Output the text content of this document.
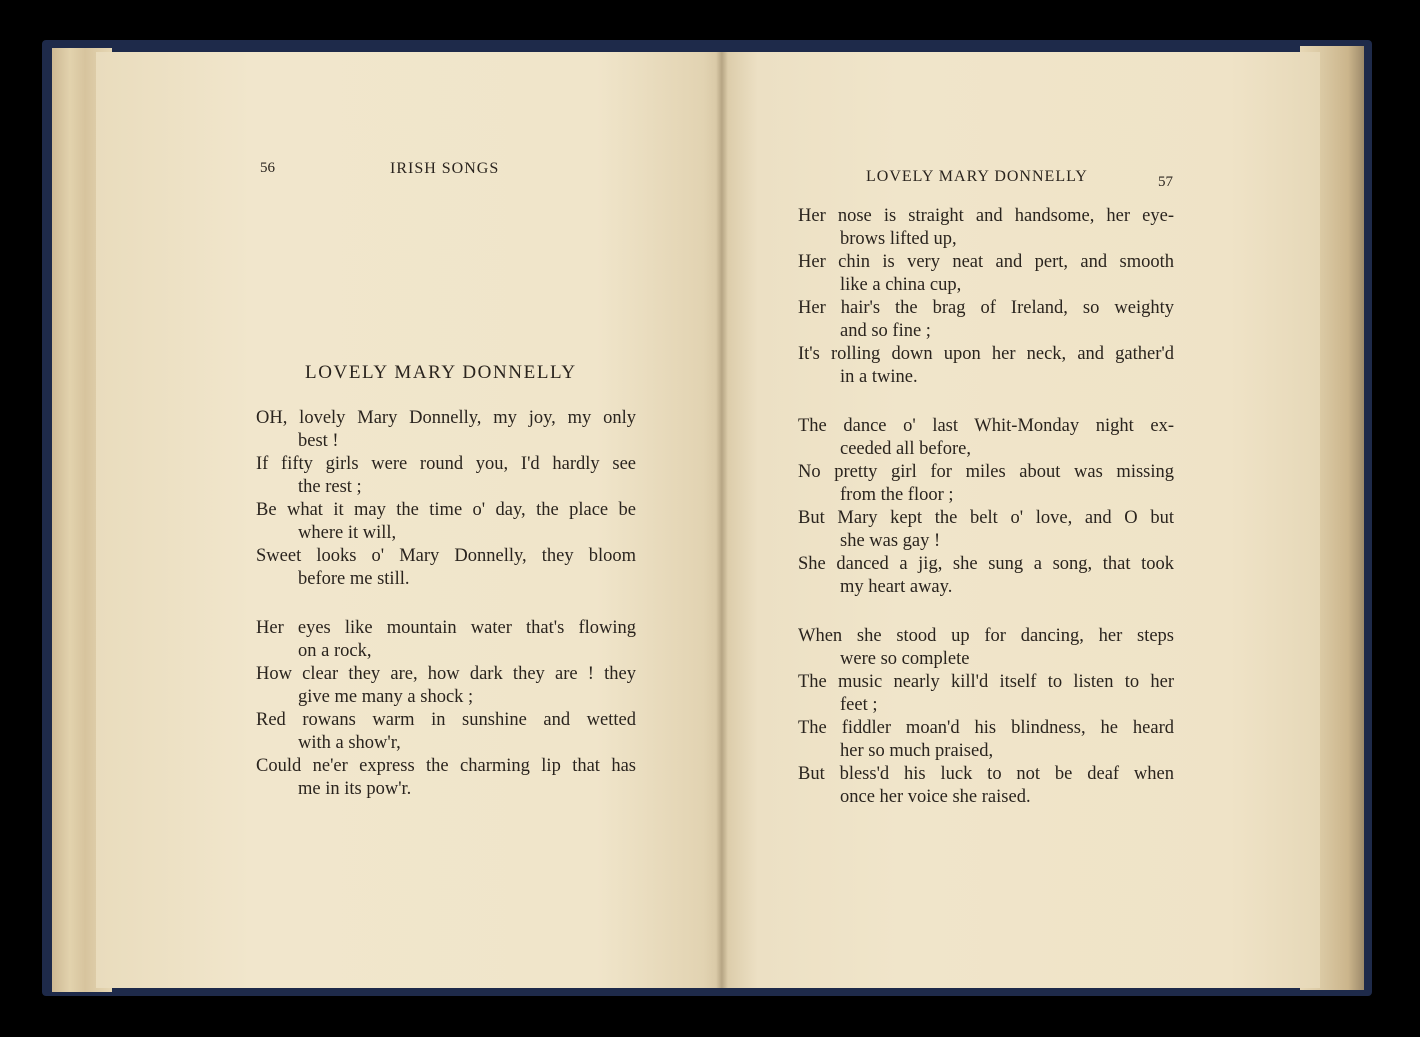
56	IRISH SONGS
LOVELY MARY DONNELLY

OH, lovely Mary Donnelly, my joy, my only
best !

If fifty girls were round you, I'd hardly see
the rest ;

Be what it may the time o' day, the place be
where it will,

Sweet looks o' Mary Donnelly, they bloom
before me still.

Her eyes like mountain water that's flowing
on a rock,

How clear they are, how dark they are ! they
give me many a shock ;

Red rowans warm in sunshine and wetted
with a show'r,

Could ne'er express the charming lip that has
me in its pow'r.

LOVELY MARY DONNELLY	57

Her nose is straight and handsome, her eye-
brows lifted up,

Her chin is very neat and pert, and smooth
like a china cup,

Her hair's the brag of Ireland, so weighty
and so fine ;

It's rolling down upon her neck, and gather'd
in a twine.

The dance o' last Whit-Monday night ex-
ceeded all before,

No pretty girl for miles about was missing
from the floor ;

But Mary kept the belt o' love, and O but
she was gay !

She danced a jig, she sung a song, that took
my heart away.

When she stood up for dancing, her steps
were so complete

The music nearly kill'd itself to listen to her
feet ;

The fiddler moan'd his blindness, he heard
her so much praised,

But bless'd his luck to not be deaf when
once her voice she raised.
